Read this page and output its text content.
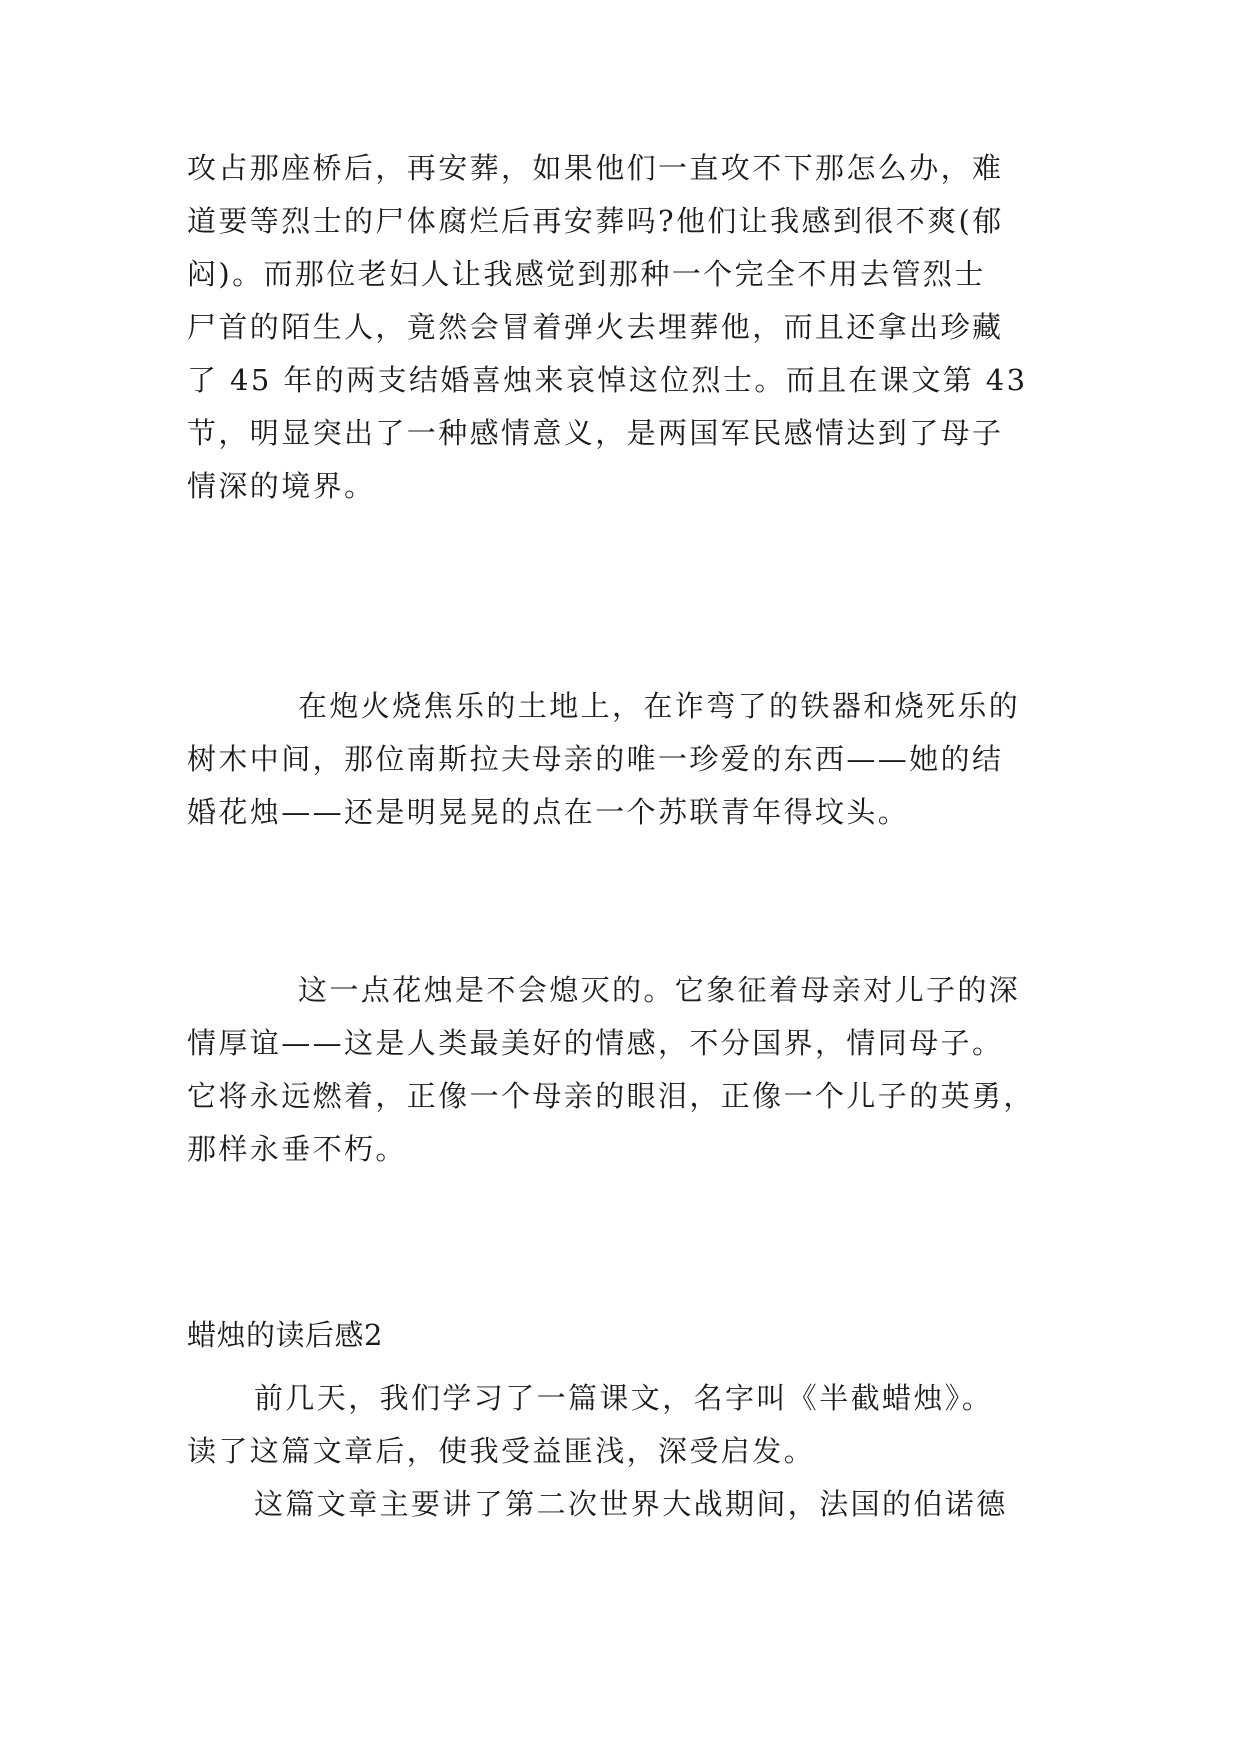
攻占那座桥后，再安葬，如果他们一直攻不下那怎么办，难
道要等烈士的尸体腐烂后再安葬吗?他们让我感到很不爽(郁
闷)。而那位老妇人让我感觉到那种一个完全不用去管烈士
尸首的陌生人，竟然会冒着弹火去埋葬他，而且还拿出珍藏
了 45 年的两支结婚喜烛来哀悼这位烈士。而且在课文第 43
节，明显突出了一种感情意义，是两国军民感情达到了母子
情深的境界。
在炮火烧焦乐的土地上，在诈弯了的铁器和烧死乐的
树木中间，那位南斯拉夫母亲的唯一珍爱的东西——她的结
婚花烛——还是明晃晃的点在一个苏联青年得坟头。
这一点花烛是不会熄灭的。它象征着母亲对儿子的深
情厚谊——这是人类最美好的情感，不分国界，情同母子。
它将永远燃着，正像一个母亲的眼泪，正像一个儿子的英勇，
那样永垂不朽。
蜡烛的读后感2
前几天，我们学习了一篇课文，名字叫《半截蜡烛》。
读了这篇文章后，使我受益匪浅，深受启发。
这篇文章主要讲了第二次世界大战期间，法国的伯诺德
